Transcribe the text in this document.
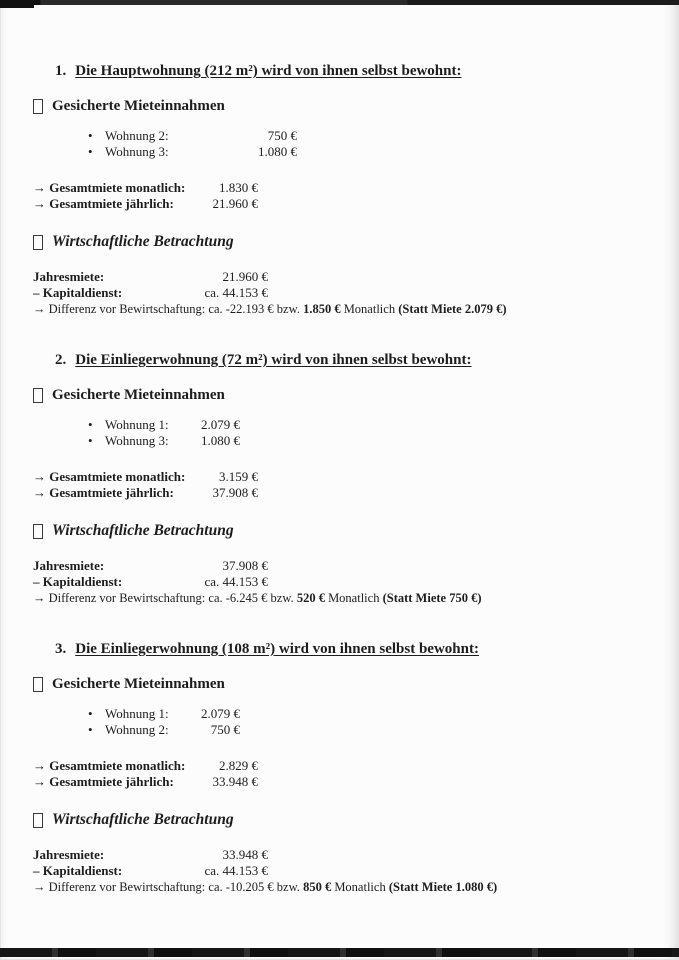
1. Die Hauptwohnung (212 m²) wird von ihnen selbst bewohnt:
Gesicherte Mieteinnahmen
• Wohnung 2:	750 €
• Wohnung 3:	1.080 €
→ Gesamtmiete monatlich:	1.830 €
→ Gesamtmiete jährlich:	21.960 €
Wirtschaftliche Betrachtung
Jahresmiete:	21.960 €
– Kapitaldienst:	ca. 44.153 €
→ Differenz vor Bewirtschaftung: ca. -22.193 € bzw. 1.850 € Monatlich (Statt Miete 2.079 €)
2. Die Einliegerwohnung (72 m²) wird von ihnen selbst bewohnt:
Gesicherte Mieteinnahmen
• Wohnung 1:	2.079 €
• Wohnung 3:	1.080 €
→ Gesamtmiete monatlich:	3.159 €
→ Gesamtmiete jährlich:	37.908 €
Wirtschaftliche Betrachtung
Jahresmiete:	37.908 €
– Kapitaldienst:	ca. 44.153 €
→ Differenz vor Bewirtschaftung: ca. -6.245 € bzw. 520 € Monatlich (Statt Miete 750 €)
3. Die Einliegerwohnung (108 m²) wird von ihnen selbst bewohnt:
Gesicherte Mieteinnahmen
• Wohnung 1:	2.079 €
• Wohnung 2:	750 €
→ Gesamtmiete monatlich:	2.829 €
→ Gesamtmiete jährlich:	33.948 €
Wirtschaftliche Betrachtung
Jahresmiete:	33.948 €
– Kapitaldienst:	ca. 44.153 €
→ Differenz vor Bewirtschaftung: ca. -10.205 € bzw. 850 € Monatlich (Statt Miete 1.080 €)
